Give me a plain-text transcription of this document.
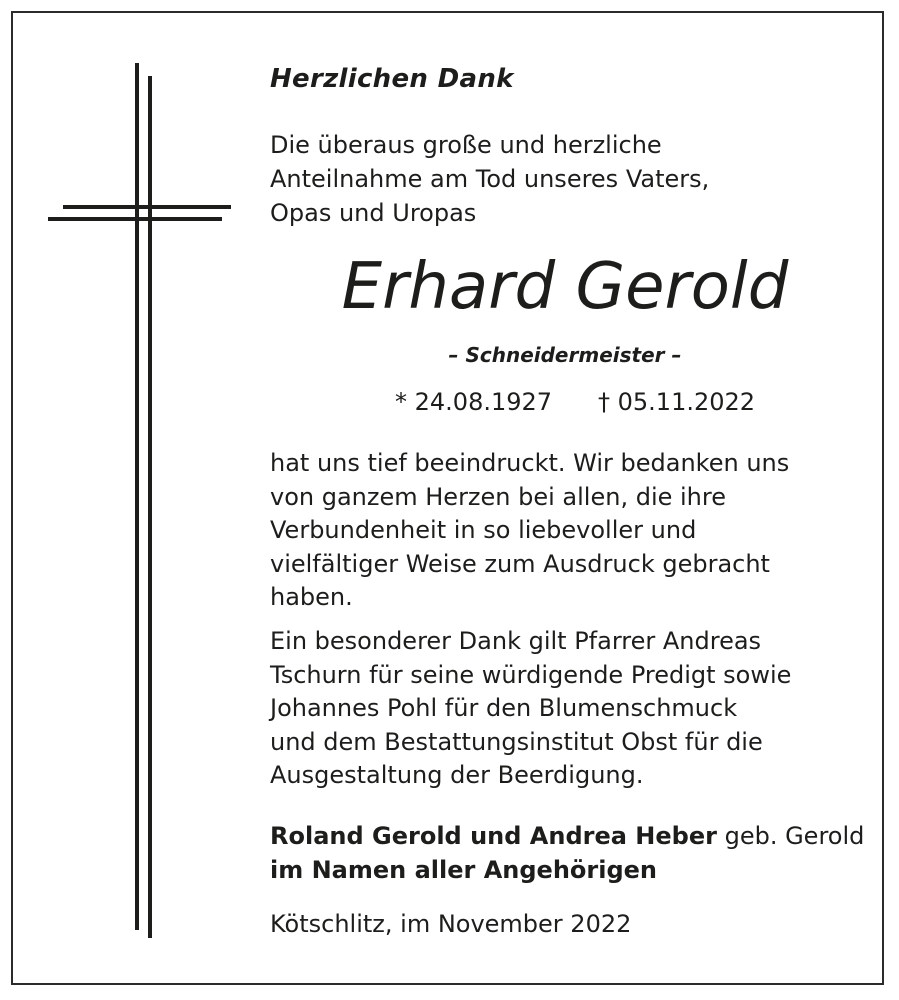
Herzlichen Dank
Die überaus große und herzliche
Anteilnahme am Tod unseres Vaters,
Opas und Uropas
Erhard Gerold
– Schneidermeister –
* 24.08.1927 † 05.11.2022
hat uns tief beeindruckt. Wir bedanken uns
von ganzem Herzen bei allen, die ihre
Verbundenheit in so liebevoller und
vielfältiger Weise zum Ausdruck gebracht
haben.
Ein besonderer Dank gilt Pfarrer Andreas
Tschurn für seine würdigende Predigt sowie
Johannes Pohl für den Blumenschmuck
und dem Bestattungsinstitut Obst für die
Ausgestaltung der Beerdigung.
Roland Gerold und Andrea Heber geb. Gerold
im Namen aller Angehörigen
Kötschlitz, im November 2022
